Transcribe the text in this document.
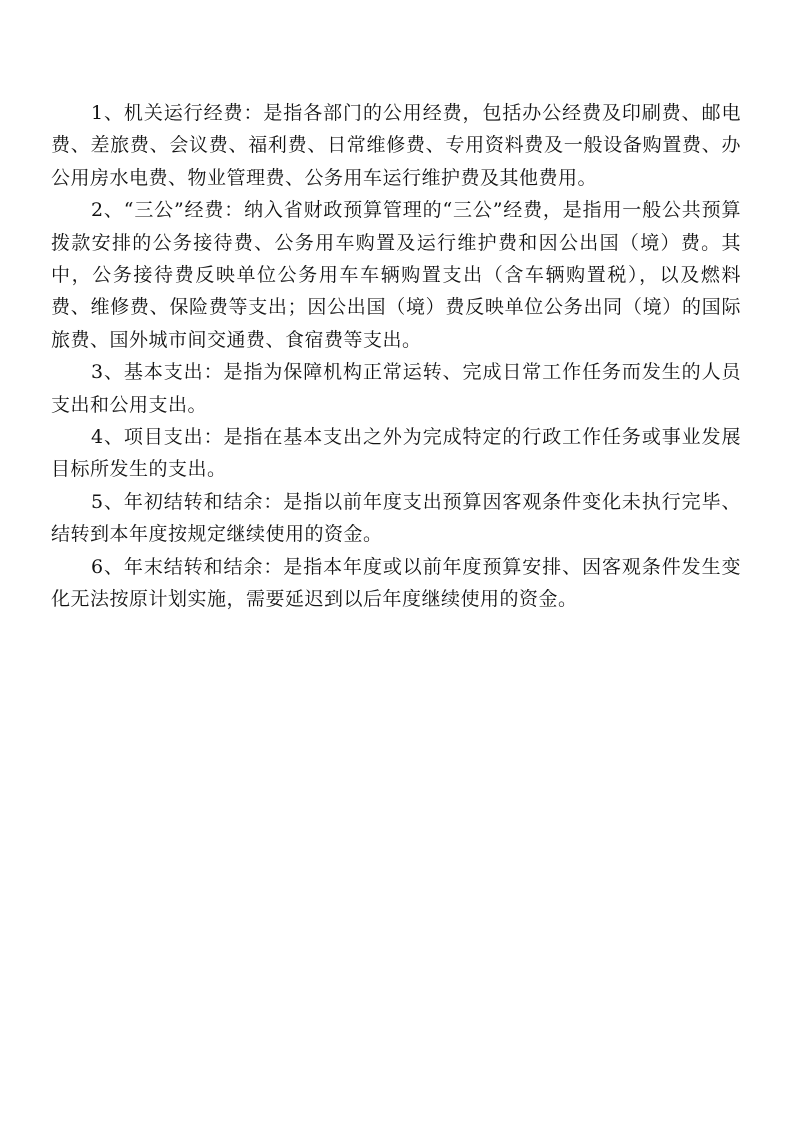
1、机关运行经费：是指各部门的公用经费，包括办公经费及印刷费、邮电费、差旅费、会议费、福利费、日常维修费、专用资料费及一般设备购置费、办公用房水电费、物业管理费、公务用车运行维护费及其他费用。

2、“三公”经费：纳入省财政预算管理的“三公”经费，是指用一般公共预算拨款安排的公务接待费、公务用车购置及运行维护费和因公出国（境）费。其中，公务接待费反映单位公务用车车辆购置支出（含车辆购置税），以及燃料费、维修费、保险费等支出；因公出国（境）费反映单位公务出同（境）的国际旅费、国外城市间交通费、食宿费等支出。

3、基本支出：是指为保障机构正常运转、完成日常工作任务而发生的人员支出和公用支出。

4、项目支出：是指在基本支出之外为完成特定的行政工作任务或事业发展目标所发生的支出。

5、年初结转和结余：是指以前年度支出预算因客观条件变化未执行完毕、结转到本年度按规定继续使用的资金。

6、年末结转和结余：是指本年度或以前年度预算安排、因客观条件发生变化无法按原计划实施，需要延迟到以后年度继续使用的资金。
